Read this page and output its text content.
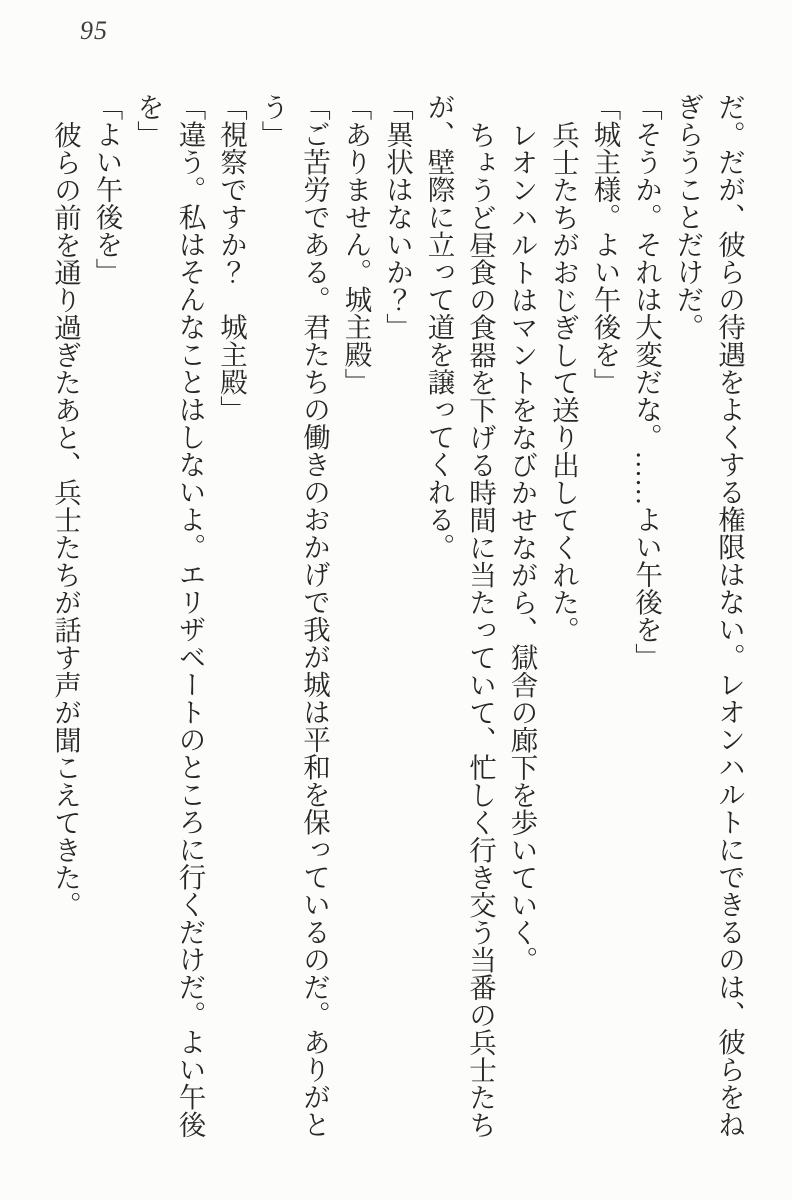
95
だ。だが、彼らの待遇をよくする権限はない。レオンハルトにできるのは、彼らをねぎらうことだけだ。
「そうか。それは大変だな。……よい午後を」
「城主様。よい午後を」
兵士たちがおじぎして送り出してくれた。
レオンハルトはマントをなびかせながら、獄舎の廊下を歩いていく。
ちょうど昼食の食器を下げる時間に当たっていて、忙しく行き交う当番の兵士たちが、壁際に立って道を譲ってくれる。
「異状はないか？」
「ありません。城主殿」
「ご苦労である。君たちの働きのおかげで我が城は平和を保っているのだ。ありがとう」
「視察ですか？　城主殿」
「違う。私はそんなことはしないよ。エリザベートのところに行くだけだ。よい午後を」
「よい午後を」
彼らの前を通り過ぎたあと、兵士たちが話す声が聞こえてきた。
